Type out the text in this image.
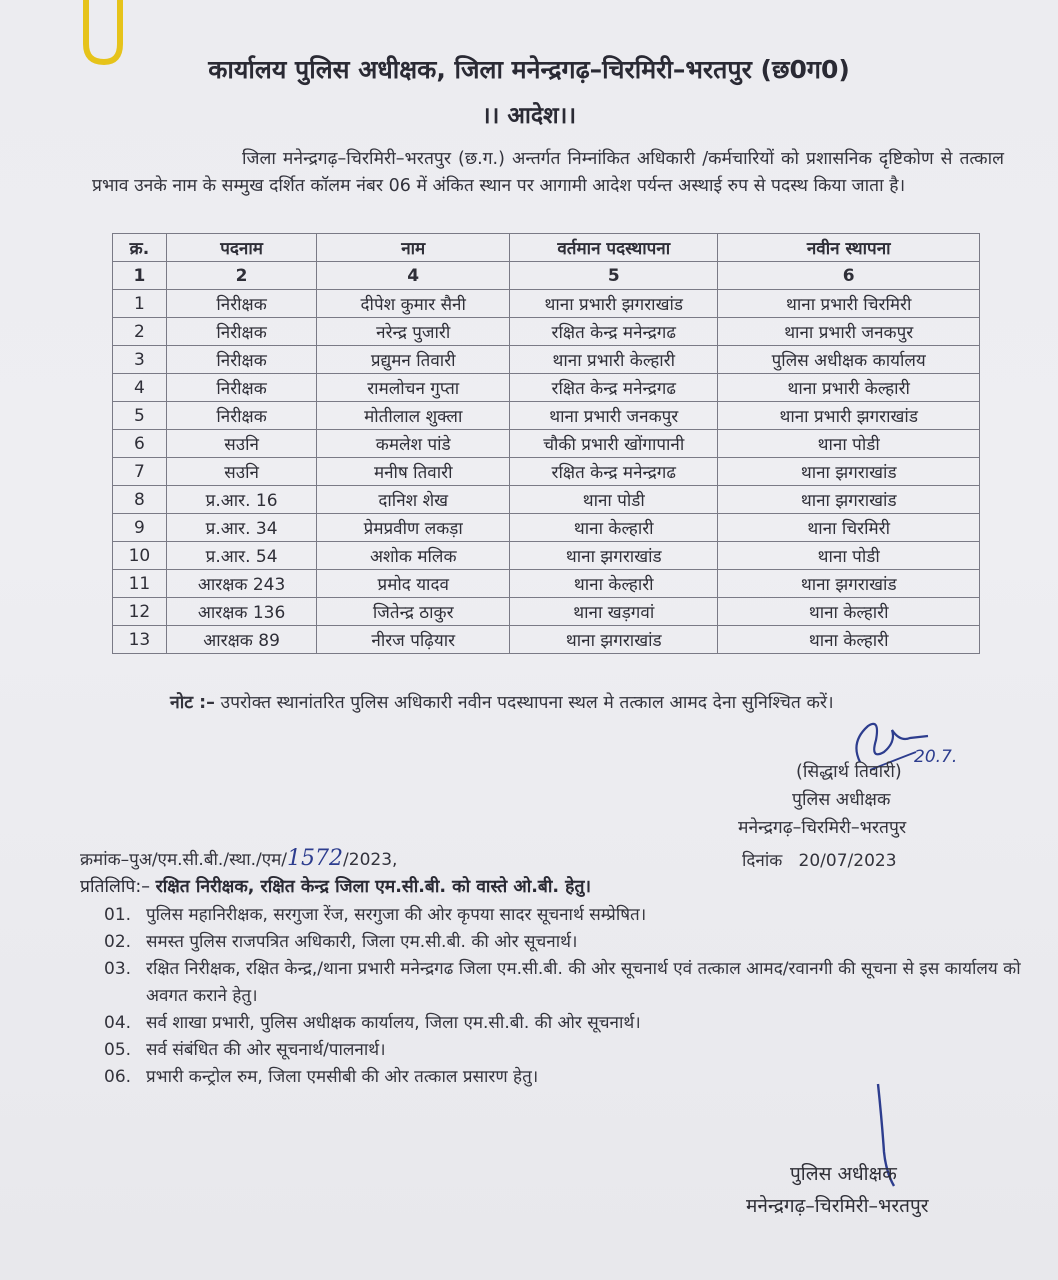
कार्यालय पुलिस अधीक्षक, जिला मनेन्द्रगढ़–चिरमिरी–भरतपुर (छ0ग0)
।। आदेश।।

जिला मनेन्द्रगढ़–चिरमिरी–भरतपुर (छ.ग.) अन्तर्गत निम्नांकित अधिकारी /कर्मचारियों को प्रशासनिक दृष्टिकोण से तत्काल प्रभाव उनके नाम के सम्मुख दर्शित कॉलम नंबर 06 में अंकित स्थान पर आगामी आदेश पर्यन्त अस्थाई रुप से पदस्थ किया जाता है।

क्र.	पदनाम	नाम	वर्तमान पदस्थापना	नवीन स्थापना
1	2	4	5	6
1	निरीक्षक	दीपेश कुमार सैनी	थाना प्रभारी झगराखांड	थाना प्रभारी चिरमिरी
2	निरीक्षक	नरेन्द्र पुजारी	रक्षित केन्द्र मनेन्द्रगढ	थाना प्रभारी जनकपुर
3	निरीक्षक	प्रद्युमन तिवारी	थाना प्रभारी केल्हारी	पुलिस अधीक्षक कार्यालय
4	निरीक्षक	रामलोचन गुप्ता	रक्षित केन्द्र मनेन्द्रगढ	थाना प्रभारी केल्हारी
5	निरीक्षक	मोतीलाल शुक्ला	थाना प्रभारी जनकपुर	थाना प्रभारी झगराखांड
6	सउनि	कमलेश पांडे	चौकी प्रभारी खोंगापानी	थाना पोडी
7	सउनि	मनीष तिवारी	रक्षित केन्द्र मनेन्द्रगढ	थाना झगराखांड
8	प्र.आर. 16	दानिश शेख	थाना पोडी	थाना झगराखांड
9	प्र.आर. 34	प्रेमप्रवीण लकड़ा	थाना केल्हारी	थाना चिरमिरी
10	प्र.आर. 54	अशोक मलिक	थाना झगराखांड	थाना पोडी
11	आरक्षक 243	प्रमोद यादव	थाना केल्हारी	थाना झगराखांड
12	आरक्षक 136	जितेन्द्र ठाकुर	थाना खड़गवां	थाना केल्हारी
13	आरक्षक 89	नीरज पढ़ियार	थाना झगराखांड	थाना केल्हारी

नोट :– उपरोक्त स्थानांतरित पुलिस अधिकारी नवीन पदस्थापना स्थल मे तत्काल आमद देना सुनिश्चित करें।

20.7.
(सिद्धार्थ तिवारी)
पुलिस अधीक्षक
मनेन्द्रगढ़–चिरमिरी–भरतपुर
क्रमांक–पुअ/एम.सी.बी./स्था./एम/1572/2023,	दिनांक 20/07/2023
प्रतिलिपि:– रक्षित निरीक्षक, रक्षित केन्द्र जिला एम.सी.बी. को वास्ते ओ.बी. हेतु।
01. पुलिस महानिरीक्षक, सरगुजा रेंज, सरगुजा की ओर कृपया सादर सूचनार्थ सम्प्रेषित।
02. समस्त पुलिस राजपत्रित अधिकारी, जिला एम.सी.बी. की ओर सूचनार्थ।
03. रक्षित निरीक्षक, रक्षित केन्द्र,/थाना प्रभारी मनेन्द्रगढ जिला एम.सी.बी. की ओर सूचनार्थ एवं तत्काल आमद/रवानगी की सूचना से इस कार्यालय को अवगत कराने हेतु।
04. सर्व शाखा प्रभारी, पुलिस अधीक्षक कार्यालय, जिला एम.सी.बी. की ओर सूचनार्थ।
05. सर्व संबंधित की ओर सूचनार्थ/पालनार्थ।
06. प्रभारी कन्ट्रोल रुम, जिला एमसीबी की ओर तत्काल प्रसारण हेतु।
पुलिस अधीक्षक
मनेन्द्रगढ़–चिरमिरी–भरतपुर
